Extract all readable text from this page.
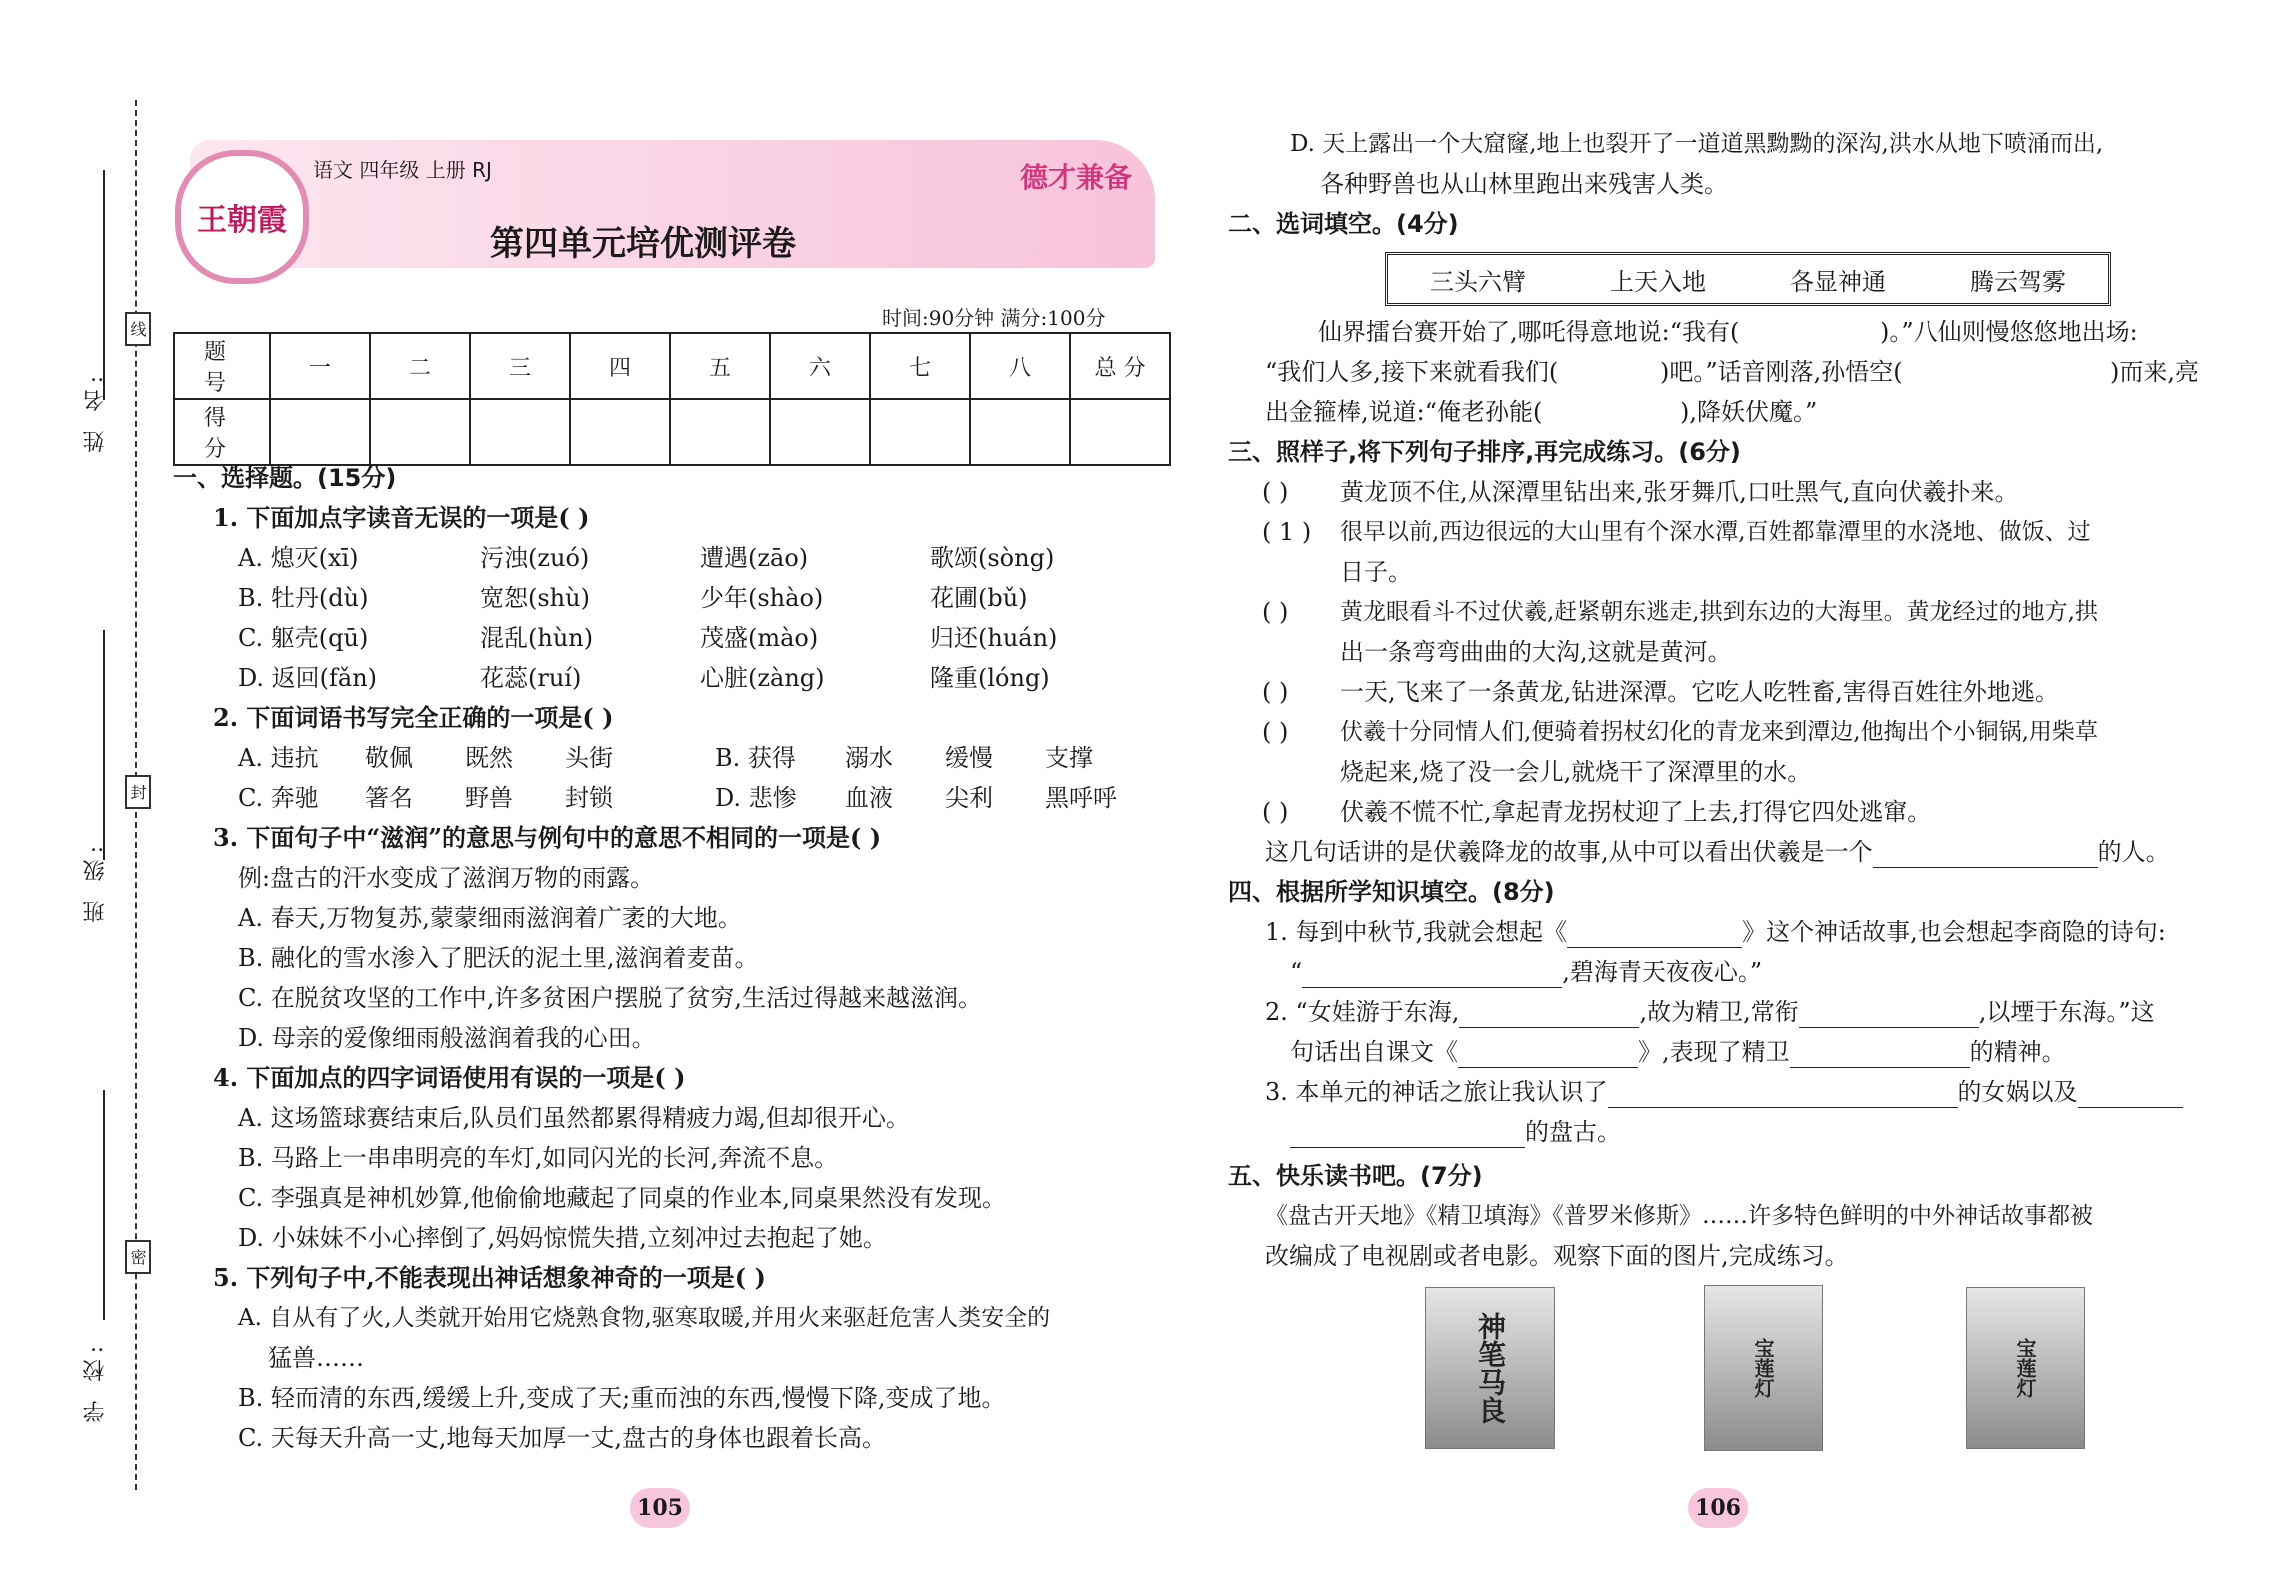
姓 名:
班 级:
学 校:
线
封
密
王朝霞
语文 四年级 上册 RJ	德才兼备
第四单元培优测评卷
时间:90分钟 满分:100分
题 号	一	二	三	四	五	六	七	八	总 分
得 分									
一、选择题。(15分)
1. 下面加点字读音无误的一项是( )
A. 熄灭(xī)	污浊(zuó)	遭遇(zāo)	歌颂(sòng)
B. 牡丹(dù)	宽恕(shù)	少年(shào)	花圃(bǔ)
C. 躯壳(qū)	混乱(hùn)	茂盛(mào)	归还(huán)
D. 返回(fǎn)	花蕊(ruí)	心脏(zàng)	隆重(lóng)
2. 下面词语书写完全正确的一项是( )
A. 违抗 敬佩 既然 头街	B. 获得 溺水 缓慢 支撑
C. 奔驰 箸名 野兽 封锁	D. 悲惨 血液 尖利 黑呼呼
3. 下面句子中“滋润”的意思与例句中的意思不相同的一项是( )
例:盘古的汗水变成了滋润万物的雨露。
A. 春天,万物复苏,蒙蒙细雨滋润着广袤的大地。
B. 融化的雪水渗入了肥沃的泥土里,滋润着麦苗。
C. 在脱贫攻坚的工作中,许多贫困户摆脱了贫穷,生活过得越来越滋润。
D. 母亲的爱像细雨般滋润着我的心田。
4. 下面加点的四字词语使用有误的一项是( )
A. 这场篮球赛结束后,队员们虽然都累得精疲力竭,但却很开心。
B. 马路上一串串明亮的车灯,如同闪光的长河,奔流不息。
C. 李强真是神机妙算,他偷偷地藏起了同桌的作业本,同桌果然没有发现。
D. 小妹妹不小心摔倒了,妈妈惊慌失措,立刻冲过去抱起了她。
5. 下列句子中,不能表现出神话想象神奇的一项是( )
A. 自从有了火,人类就开始用它烧熟食物,驱寒取暖,并用火来驱赶危害人类安全的
猛兽……
B. 轻而清的东西,缓缓上升,变成了天;重而浊的东西,慢慢下降,变成了地。
C. 天每天升高一丈,地每天加厚一丈,盘古的身体也跟着长高。
105
D. 天上露出一个大窟窿,地上也裂开了一道道黑黝黝的深沟,洪水从地下喷涌而出,
各种野兽也从山林里跑出来残害人类。
二、选词填空。(4分)
三头六臂	上天入地	各显神通	腾云驾雾
仙界擂台赛开始了,哪吒得意地说:“我有(	)。”八仙则慢悠悠地出场:
“我们人多,接下来就看我们(	)吧。”话音刚落,孙悟空(	)而来,亮
出金箍棒,说道:“俺老孙能(	),降妖伏魔。”
三、照样子,将下列句子排序,再完成练习。(6分)
( ) 黄龙顶不住,从深潭里钻出来,张牙舞爪,口吐黑气,直向伏羲扑来。
( 1 ) 很早以前,西边很远的大山里有个深水潭,百姓都靠潭里的水浇地、做饭、过
日子。
( ) 黄龙眼看斗不过伏羲,赶紧朝东逃走,拱到东边的大海里。黄龙经过的地方,拱
出一条弯弯曲曲的大沟,这就是黄河。
( ) 一天,飞来了一条黄龙,钻进深潭。它吃人吃牲畜,害得百姓往外地逃。
( ) 伏羲十分同情人们,便骑着拐杖幻化的青龙来到潭边,他掏出个小铜锅,用柴草
烧起来,烧了没一会儿,就烧干了深潭里的水。
( ) 伏羲不慌不忙,拿起青龙拐杖迎了上去,打得它四处逃窜。
这几句话讲的是伏羲降龙的故事,从中可以看出伏羲是一个	的人。
四、根据所学知识填空。(8分)
1. 每到中秋节,我就会想起《	》这个神话故事,也会想起李商隐的诗句:
“	,碧海青天夜夜心。”
2. “女娃游于东海,	,故为精卫,常衔	,以堙于东海。”这
句话出自课文《	》,表现了精卫	的精神。
3. 本单元的神话之旅让我认识了	的女娲以及
的盘古。
五、快乐读书吧。(7分)
《盘古开天地》《精卫填海》《普罗米修斯》……许多特色鲜明的中外神话故事都被
改编成了电视剧或者电影。观察下面的图片,完成练习。
神笔马良	宝莲灯	宝莲灯
106
